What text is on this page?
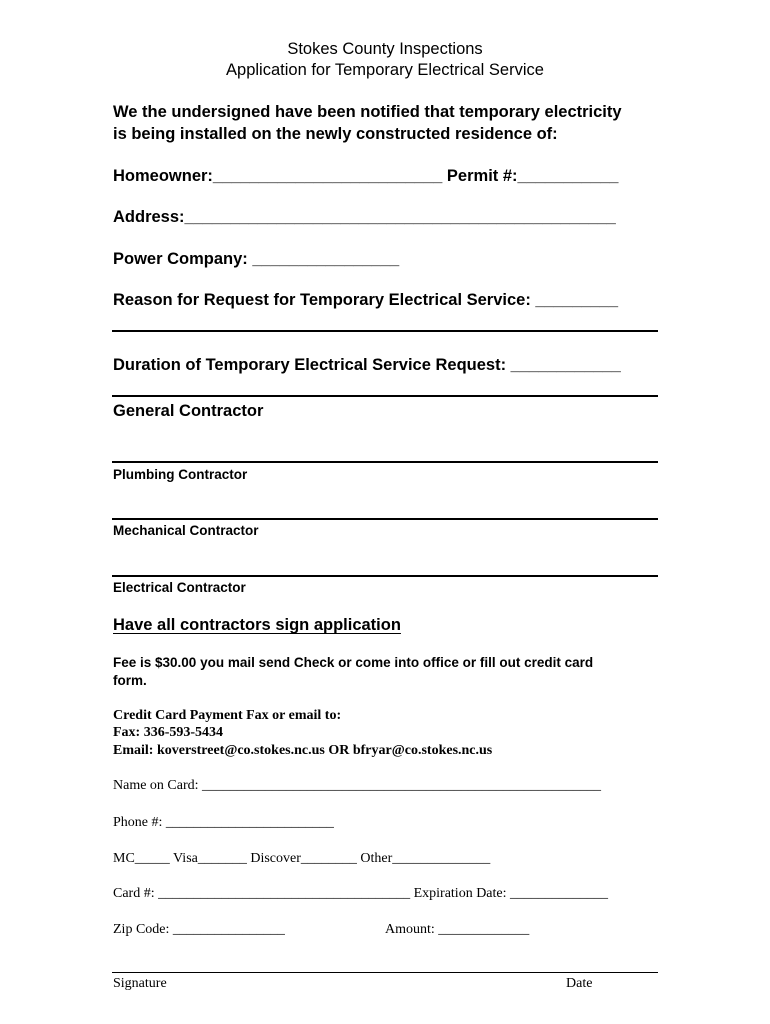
Stokes County Inspections
Application for Temporary Electrical Service
We the undersigned have been notified that temporary electricity
is being installed on the newly constructed residence of:
Homeowner:_________________________ Permit #:___________
Address:_______________________________________________
Power Company: ________________
Reason for Request for Temporary Electrical Service: _________
Duration of Temporary Electrical Service Request: ____________
General Contractor
Plumbing Contractor
Mechanical Contractor
Electrical Contractor
Have all contractors sign application
Fee is $30.00 you mail send Check or come into office or fill out credit card
form.
Credit Card Payment Fax or email to:
Fax: 336-593-5434
Email: koverstreet@co.stokes.nc.us OR bfryar@co.stokes.nc.us
Name on Card: _________________________________________________________
Phone #: ________________________
MC_____ Visa_______ Discover________ Other______________
Card #: ____________________________________ Expiration Date: ______________
Zip Code: ________________	Amount: _____________
Signature	Date
